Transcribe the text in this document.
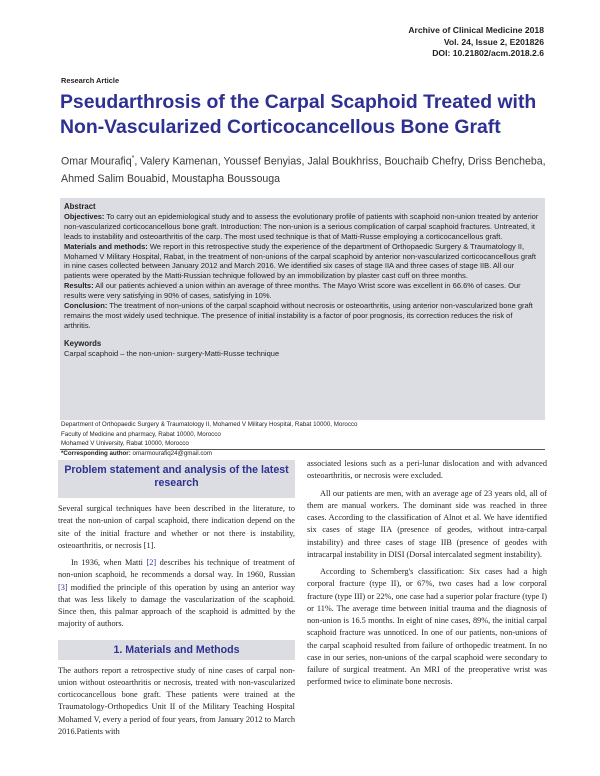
Archive of Clinical Medicine 2018
Vol. 24, Issue 2, E201826
DOI: 10.21802/acm.2018.2.6
Research Article
Pseudarthrosis of the Carpal Scaphoid Treated with
Non-Vascularized Corticocancellous Bone Graft
Omar Mourafiq*, Valery Kamenan, Youssef Benyias, Jalal Boukhriss, Bouchaib Chefry, Driss Bencheba, Ahmed Salim Bouabid, Moustapha Boussouga
Abstract

Objectives: To carry out an epidemiological study and to assess the evolutionary profile of patients with scaphoid non-union treated by anterior non-vascularized corticocancellous bone graft. Introduction: The non-union is a serious complication of carpal scaphoid fractures. Untreated, it leads to instability and osteoarthritis of the carp. The most used technique is that of Matti-Russe employing a corticocancellous graft.

Materials and methods: We report in this retrospective study the experience of the department of Orthopaedic Surgery & Traumatology II, Mohamed V Military Hospital, Rabat, in the treatment of non-unions of the carpal scaphoid by anterior non-vascularized corticocancellous graft in nine cases collected between January 2012 and March 2016. We identified six cases of stage IIA and three cases of stage IIB. All our patients were operated by the Matti-Russian technique followed by an immobilization by plaster cast cuff on three months.

Results: All our patients achieved a union within an average of three months. The Mayo Wrist score was excellent in 66.6% of cases. Our results were very satisfying in 90% of cases, satisfying in 10%.

Conclusion: The treatment of non-unions of the carpal scaphoid without necrosis or osteoarthritis, using anterior non-vascularized bone graft remains the most widely used technique. The presence of initial instability is a factor of poor prognosis, its correction reduces the risk of arthritis.

Keywords

Carpal scaphoid – the non-union- surgery-Matti-Russe technique

Department of Orthopaedic Surgery & Traumatology II, Mohamed V Military Hospital, Rabat 10000, Morocco
Faculty of Medicine and pharmacy, Rabat 10000, Morocco
Mohamed V University, Rabat 10000, Morocco
*Corresponding author: omarmourafiq24@gmail.com
Problem statement and analysis of the latest research

Several surgical techniques have been described in the literature, to treat the non-union of carpal scaphoid, there indication depend on the site of the initial fracture and whether or not there is instability, osteoarthritis, or necrosis [1].

In 1936, when Matti [2] describes his technique of treatment of non-union scaphoid, he recommends a dorsal way. In 1960, Russian [3] modified the principle of this operation by using an anterior way that was less likely to damage the vascularization of the scaphoid. Since then, this palmar approach of the scaphoid is admitted by the majority of authors.

1. Materials and Methods

The authors report a retrospective study of nine cases of carpal non-union without osteoarthritis or necrosis, treated with non-vascularized corticocancellous bone graft. These patients were trained at the Traumatology-Orthopedics Unit II of the Military Teaching Hospital Mohamed V, every a period of four years, from January 2012 to March 2016.Patients with

associated lesions such as a peri-lunar dislocation and with advanced osteoarthritis, or necrosis were excluded.

All our patients are men, with an average age of 23 years old, all of them are manual workers. The dominant side was reached in three cases. According to the classification of Alnot et al. We have identified six cases of stage IIA (presence of geodes, without intra-carpal instability) and three cases of stage IIB (presence of geodes with intracarpal instability in DISI (Dorsal intercalated segment instability).

According to Schernberg's classification: Six cases had a high corporal fracture (type II), or 67%, two cases had a low corporal fracture (type III) or 22%, one case had a superior polar fracture (type I) or 11%. The average time between initial trauma and the diagnosis of non-union is 16.5 months. In eight of nine cases, 89%, the initial carpal scaphoid fracture was unnoticed. In one of our patients, non-unions of the carpal scaphoid resulted from failure of orthopedic treatment. In no case in our series, non-unions of the carpal scaphoid were secondary to failure of surgical treatment. An MRI of the preoperative wrist was performed twice to eliminate bone necrosis.
